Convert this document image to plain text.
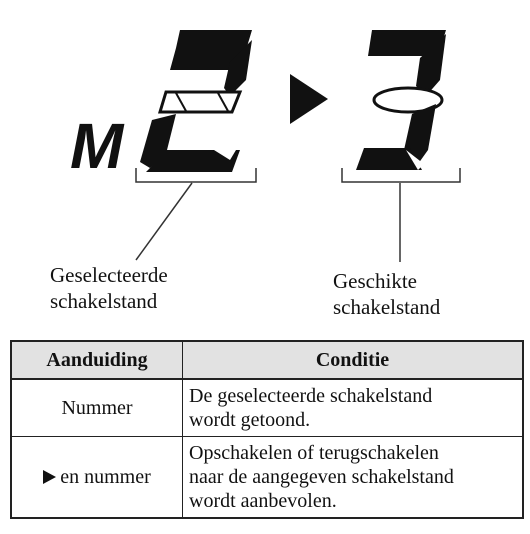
M
Geselecteerde
schakelstand
Geschikte
schakelstand
Aanduiding	Conditie
Nummer	De geselecteerde schakelstand
wordt getoond.
en nummer	Opschakelen of terugschakelen
naar de aangegeven schakelstand
wordt aanbevolen.
